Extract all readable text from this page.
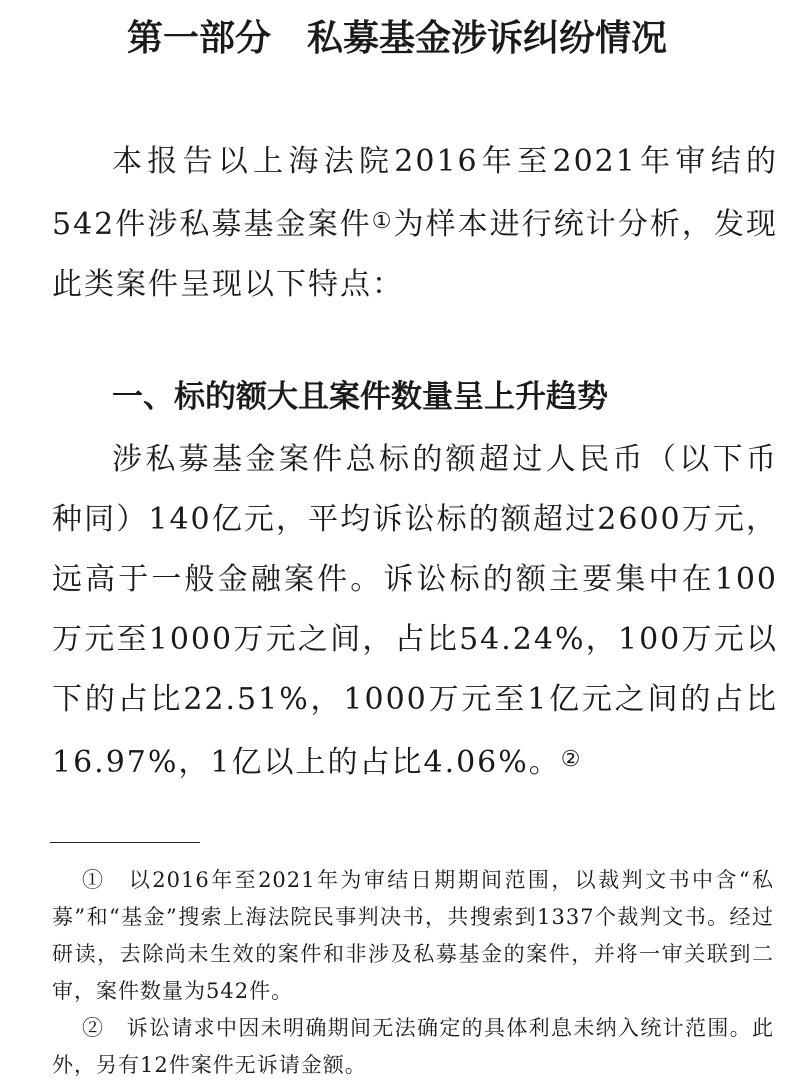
第一部分　私募基金涉诉纠纷情况
本报告以上海法院2016年至2021年审结的542件涉私募基金案件①为样本进行统计分析，发现此类案件呈现以下特点：
一、标的额大且案件数量呈上升趋势
涉私募基金案件总标的额超过人民币（以下币种同）140亿元，平均诉讼标的额超过2600万元，远高于一般金融案件。诉讼标的额主要集中在100万元至1000万元之间，占比54.24%，100万元以下的占比22.51%，1000万元至1亿元之间的占比16.97%，1亿以上的占比4.06%。②

①　 以2016年至2021年为审结日期期间范围，以裁判文书中含“私募”和“基金”搜索上海法院民事判决书，共搜索到1337个裁判文书。经过研读，去除尚未生效的案件和非涉及私募基金的案件，并将一审关联到二审，案件数量为542件。

②　 诉讼请求中因未明确期间无法确定的具体利息未纳入统计范围。此外，另有12件案件无诉请金额。
